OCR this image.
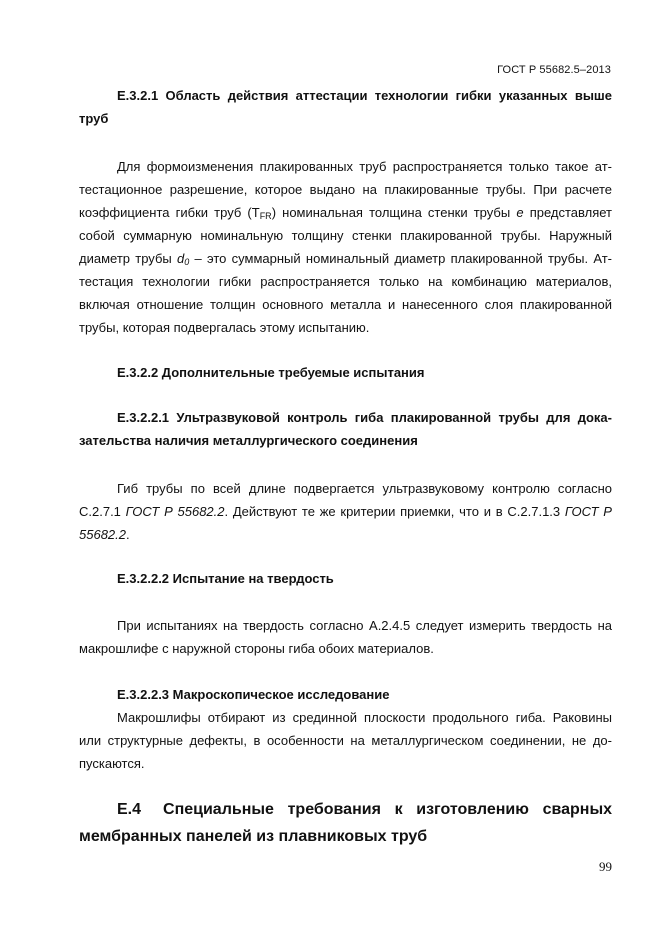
ГОСТ Р 55682.5–2013
Е.3.2.1 Область действия аттестации технологии гибки указанных выше труб
Для формоизменения плакированных труб распространяется только такое аттестационное разрешение, которое выдано на плакированные трубы. При расчете коэффициента гибки труб $(T_{FR})$ номинальная толщина стенки трубы e представляет собой суммарную номинальную толщину стенки плакированной трубы. Наружный диаметр трубы $d_0$ – это суммарный номинальный диаметр плакированной трубы. Аттестация технологии гибки распространяется только на комбинацию материалов, включая отношение толщин основного металла и нанесенного слоя плакированной трубы, которая подвергалась этому испытанию.
Е.3.2.2 Дополнительные требуемые испытания
Е.3.2.2.1 Ультразвуковой контроль гиба плакированной трубы для доказательства наличия металлургического соединения
Гиб трубы по всей длине подвергается ультразвуковому контролю согласно С.2.7.1 ГОСТ Р 55682.2. Действуют те же критерии приемки, что и в С.2.7.1.3 ГОСТ Р 55682.2.
Е.3.2.2.2 Испытание на твердость
При испытаниях на твердость согласно А.2.4.5 следует измерить твердость на макрошлифе с наружной стороны гиба обоих материалов.
Е.3.2.2.3 Макроскопическое исследование
Макрошлифы отбирают из срединной плоскости продольного гиба. Раковины или структурные дефекты, в особенности на металлургическом соединении, не допускаются.
Е.4 Специальные требования к изготовлению сварных мембранных панелей из плавниковых труб
99
